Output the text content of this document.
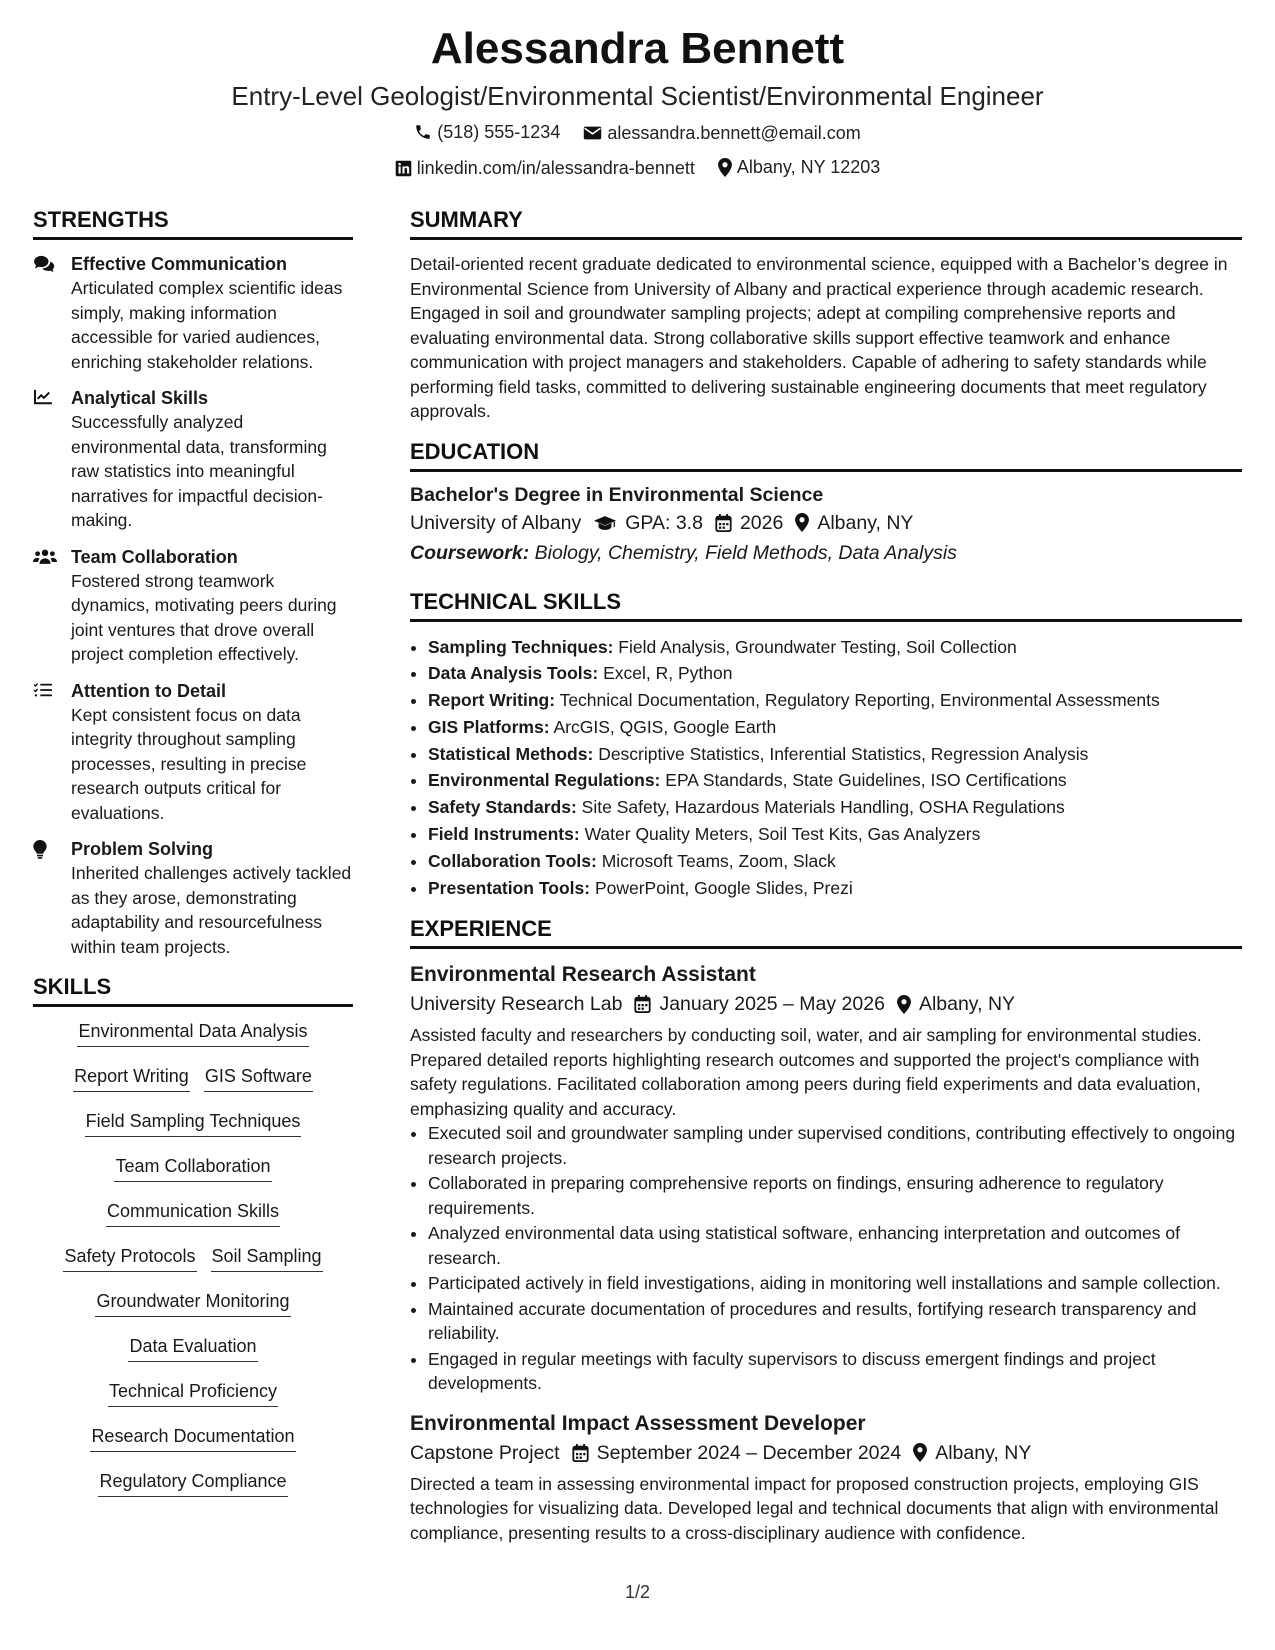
Alessandra Bennett
Entry-Level Geologist/Environmental Scientist/Environmental Engineer
(518) 555-1234
	alessandra.bennett@email.com
linkedin.com/in/alessandra-bennett
Albany, NY 12203
STRENGTHS
Effective Communication
Articulated complex scientific ideas simply, making information accessible for varied audiences, enriching stakeholder relations.
Analytical Skills
Successfully analyzed environmental data, transforming raw statistics into meaningful narratives for impactful decision-making.
Team Collaboration
Fostered strong teamwork dynamics, motivating peers during joint ventures that drove overall project completion effectively.
Attention to Detail
Kept consistent focus on data integrity throughout sampling processes, resulting in precise research outputs critical for evaluations.
Problem Solving
Inherited challenges actively tackled as they arose, demonstrating adaptability and resourcefulness within team projects.
SKILLS
Environmental Data Analysis
Report Writing GIS Software
Field Sampling Techniques
Team Collaboration
Communication Skills
Safety Protocols Soil Sampling
Groundwater Monitoring
Data Evaluation
Technical Proficiency
Research Documentation
Regulatory Compliance
SUMMARY
Detail-oriented recent graduate dedicated to environmental science, equipped with a Bachelor’s degree in Environmental Science from University of Albany and practical experience through academic research. Engaged in soil and groundwater sampling projects; adept at compiling comprehensive reports and evaluating environmental data. Strong collaborative skills support effective teamwork and enhance communication with project managers and stakeholders. Capable of adhering to safety standards while performing field tasks, committed to delivering sustainable engineering documents that meet regulatory approvals.
EDUCATION
Bachelor's Degree in Environmental Science
University of Albany GPA: 3.8 2026 Albany, NY
Coursework: Biology, Chemistry, Field Methods, Data Analysis
TECHNICAL SKILLS
• Sampling Techniques: Field Analysis, Groundwater Testing, Soil Collection
• Data Analysis Tools: Excel, R, Python
• Report Writing: Technical Documentation, Regulatory Reporting, Environmental Assessments
• GIS Platforms: ArcGIS, QGIS, Google Earth
• Statistical Methods: Descriptive Statistics, Inferential Statistics, Regression Analysis
• Environmental Regulations: EPA Standards, State Guidelines, ISO Certifications
• Safety Standards: Site Safety, Hazardous Materials Handling, OSHA Regulations
• Field Instruments: Water Quality Meters, Soil Test Kits, Gas Analyzers
• Collaboration Tools: Microsoft Teams, Zoom, Slack
• Presentation Tools: PowerPoint, Google Slides, Prezi
EXPERIENCE
Environmental Research Assistant
University Research Lab January 2025 – May 2026 Albany, NY
Assisted faculty and researchers by conducting soil, water, and air sampling for environmental studies. Prepared detailed reports highlighting research outcomes and supported the project's compliance with safety regulations. Facilitated collaboration among peers during field experiments and data evaluation, emphasizing quality and accuracy.
• Executed soil and groundwater sampling under supervised conditions, contributing effectively to ongoing research projects.
• Collaborated in preparing comprehensive reports on findings, ensuring adherence to regulatory requirements.
• Analyzed environmental data using statistical software, enhancing interpretation and outcomes of research.
• Participated actively in field investigations, aiding in monitoring well installations and sample collection.
• Maintained accurate documentation of procedures and results, fortifying research transparency and reliability.
• Engaged in regular meetings with faculty supervisors to discuss emergent findings and project developments.
Environmental Impact Assessment Developer
Capstone Project September 2024 – December 2024 Albany, NY
Directed a team in assessing environmental impact for proposed construction projects, employing GIS technologies for visualizing data. Developed legal and technical documents that align with environmental compliance, presenting results to a cross-disciplinary audience with confidence.
1/2
